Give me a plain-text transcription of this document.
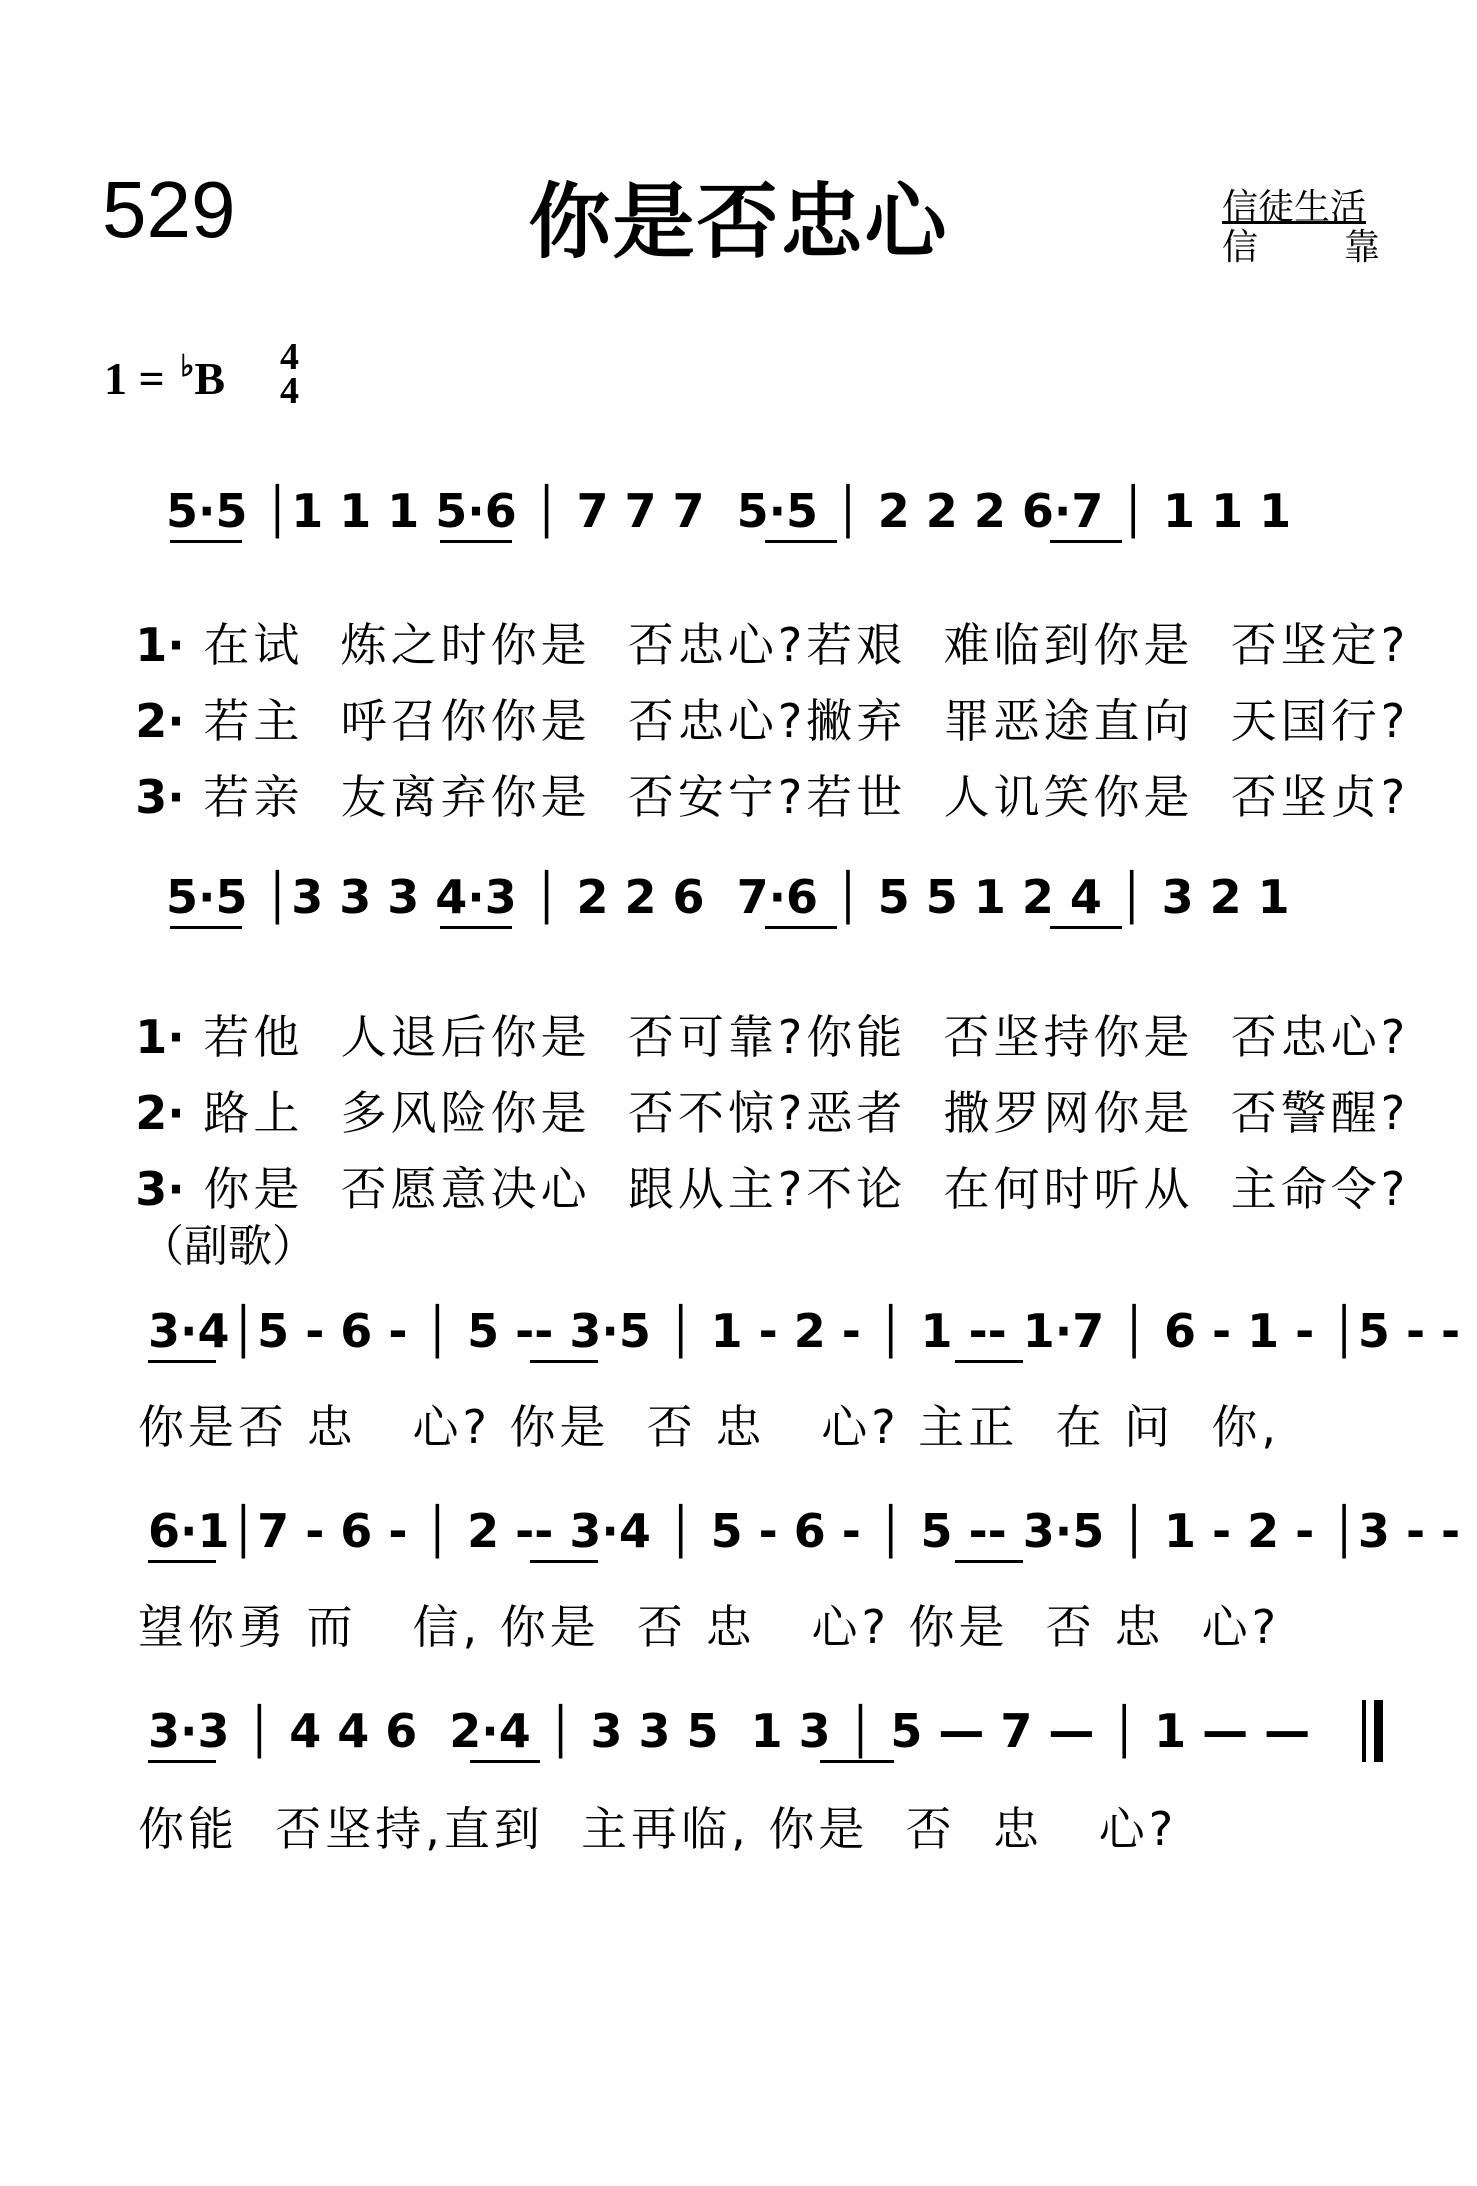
529	你是否忠心	信徒生活
信 靠
1 = ♭B 4
4
5·5 │1 1 1 5·6 │ 7 7 7  5·5 │ 2 2 2 6·7 │ 1 1 1

1· 在试  炼之时你是  否忠心?若艰  难临到你是  否坚定?

2· 若主  呼召你你是  否忠心?撇弃  罪恶途直向  天国行?

3· 若亲  友离弃你是  否安宁?若世  人讥笑你是  否坚贞?

5·5 │3 3 3 4·3 │ 2 2 6  7·6 │ 5 5 1 2 4 │ 3 2 1

1· 若他  人退后你是  否可靠?你能  否坚持你是  否忠心?

2· 路上  多风险你是  否不惊?恶者  撒罗网你是  否警醒?

3· 你是  否愿意决心  跟从主?不论  在何时听从  主命令?

（副歌）
3·4│5 - 6 - │ 5 -- 3·5 │ 1 - 2 - │ 1 -- 1·7 │ 6 - 1 - │5 - -
你是否 忠   心? 你是  否 忠   心? 主正  在 问  你,
6·1│7 - 6 - │ 2 -- 3·4 │ 5 - 6 - │ 5 -- 3·5 │ 1 - 2 - │3 - -
望你勇 而   信, 你是  否 忠   心? 你是  否 忠  心?
3·3 │ 4 4 6  2·4 │ 3 3 5  1 3 │ 5 — 7 — │ 1 — —
你能  否坚持,直到  主再临, 你是  否  忠   心?
